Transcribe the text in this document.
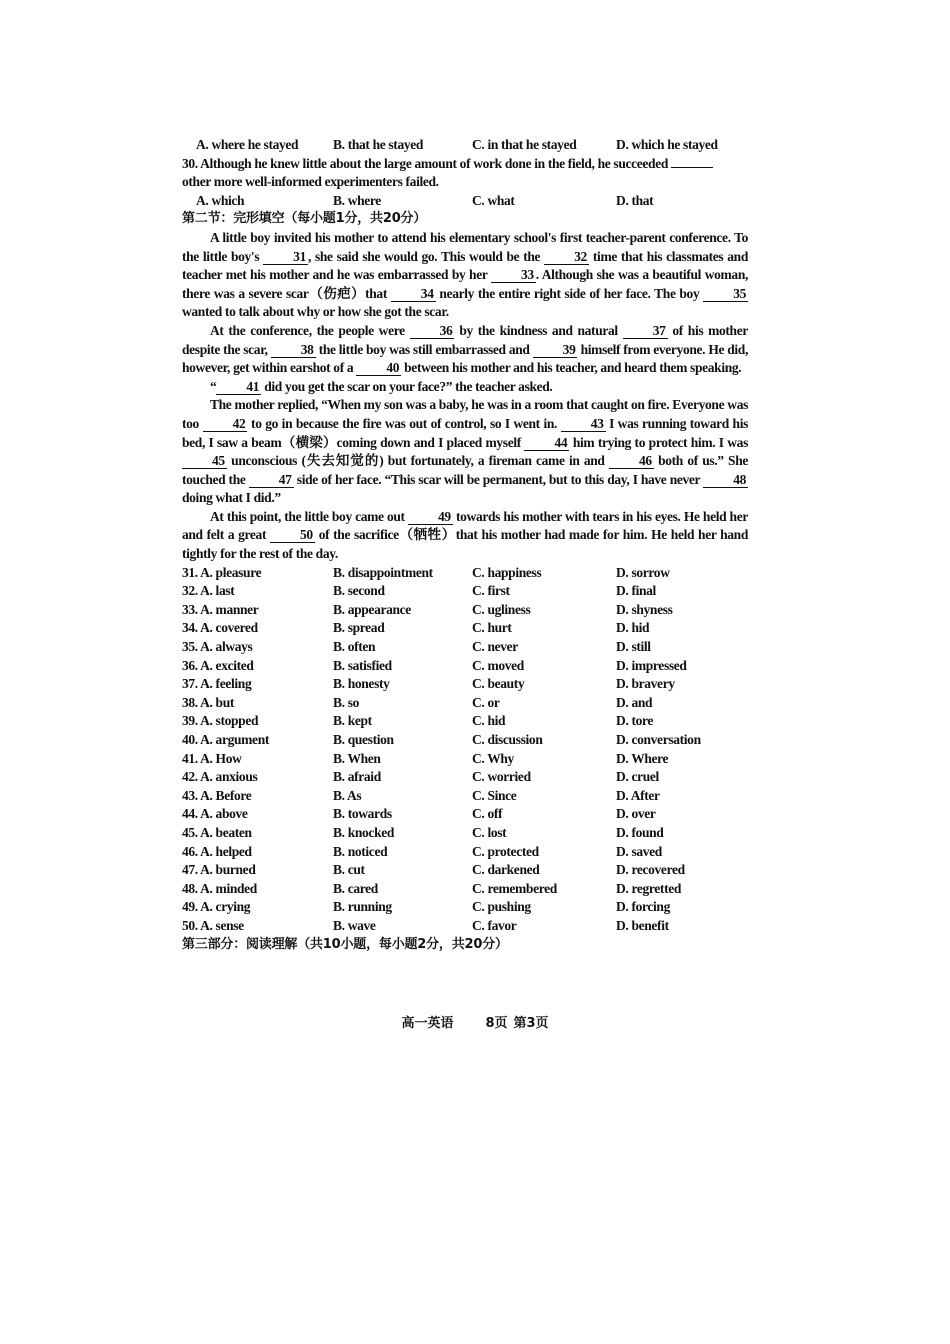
A. where he stayed	B. that he stayed	C. in that he stayed	D. which he stayed
30. Although he knew little about the large amount of work done in the field, he succeeded
other more well-informed experimenters failed.
A. which	B. where	C. what	D. that
第二节：完形填空（每小题1分，共20分）

A little boy invited his mother to attend his elementary school's first teacher-parent conference. To the little boy's 31 , she said she would go. This would be the 32 time that his classmates and teacher met his mother and he was embarrassed by her 33 . Although she was a beautiful woman, there was a severe scar（伤疤）that 34 nearly the entire right side of her face. The boy 35 wanted to talk about why or how she got the scar.

At the conference, the people were 36 by the kindness and natural 37 of his mother despite the scar, 38 the little boy was still embarrassed and 39 himself from everyone. He did, however, get within earshot of a 40 between his mother and his teacher, and heard them speaking.

“ 41 did you get the scar on your face?” the teacher asked.

The mother replied, “When my son was a baby, he was in a room that caught on fire. Everyone was too 42 to go in because the fire was out of control, so I went in. 43 I was running toward his bed, I saw a beam（横梁）coming down and I placed myself 44 him trying to protect him. I was 45 unconscious (失去知觉的) but fortunately, a fireman came in and 46 both of us.” She touched the 47 side of her face. “This scar will be permanent, but to this day, I have never 48 doing what I did.”

At this point, the little boy came out 49 towards his mother with tears in his eyes. He held her and felt a great 50 of the sacrifice（牺牲）that his mother had made for him. He held her hand tightly for the rest of the day.

31. A. pleasure	B. disappointment	C. happiness	D. sorrow
32. A. last	B. second	C. first	D. final
33. A. manner	B. appearance	C. ugliness	D. shyness
34. A. covered	B. spread	C. hurt	D. hid
35. A. always	B. often	C. never	D. still
36. A. excited	B. satisfied	C. moved	D. impressed
37. A. feeling	B. honesty	C. beauty	D. bravery
38. A. but	B. so	C. or	D. and
39. A. stopped	B. kept	C. hid	D. tore
40. A. argument	B. question	C. discussion	D. conversation
41. A. How	B. When	C. Why	D. Where
42. A. anxious	B. afraid	C. worried	D. cruel
43. A. Before	B. As	C. Since	D. After
44. A. above	B. towards	C. off	D. over
45. A. beaten	B. knocked	C. lost	D. found
46. A. helped	B. noticed	C. protected	D. saved
47. A. burned	B. cut	C. darkened	D. recovered
48. A. minded	B. cared	C. remembered	D. regretted
49. A. crying	B. running	C. pushing	D. forcing
50. A. sense	B. wave	C. favor	D. benefit
第三部分：阅读理解（共10小题，每小题2分，共20分）
高一英语 8页 第3页
